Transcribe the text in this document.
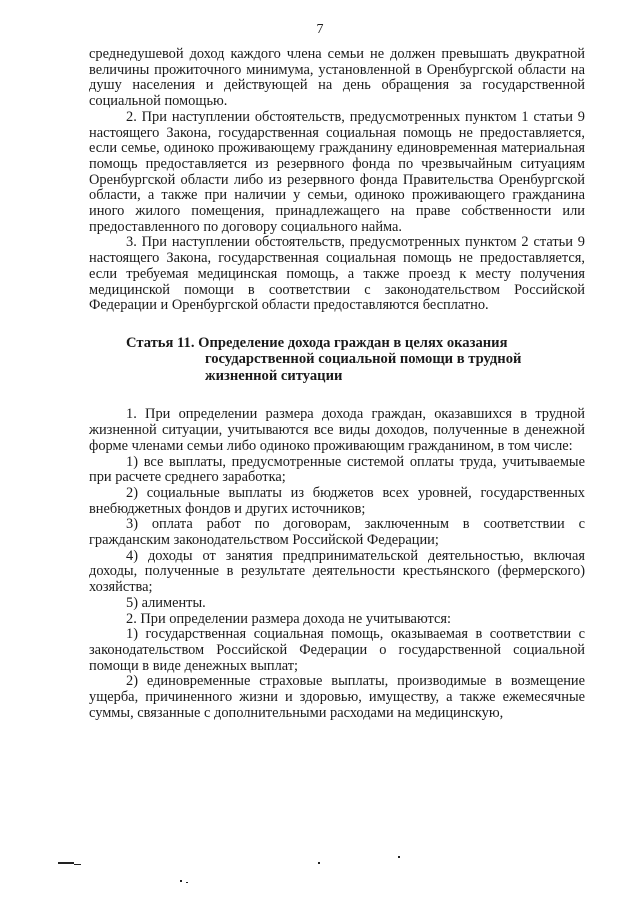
7

среднедушевой доход каждого члена семьи не должен превышать двукратной величины прожиточного минимума, установленной в Оренбургской области на душу населения и действующей на день обращения за государственной социальной помощью.

2. При наступлении обстоятельств, предусмотренных пунктом 1 статьи 9 настоящего Закона, государственная социальная помощь не предоставляется, если семье, одиноко проживающему гражданину единовременная материальная помощь предоставляется из резервного фонда по чрезвычайным ситуациям Оренбургской области либо из резервного фонда Правительства Оренбургской области, а также при наличии у семьи, одиноко проживающего гражданина иного жилого помещения, принадлежащего на праве собственности или предоставленного по договору социального найма.

3. При наступлении обстоятельств, предусмотренных пунктом 2 статьи 9 настоящего Закона, государственная социальная помощь не предоставляется, если требуемая медицинская помощь, а также проезд к месту получения медицинской помощи в соответствии с законодательством Российской Федерации и Оренбургской области предоставляются бесплатно.

Статья 11. Определение дохода граждан в целях оказания
государственной социальной помощи в трудной
жизненной ситуации

1. При определении размера дохода граждан, оказавшихся в трудной жизненной ситуации, учитываются все виды доходов, полученные в денежной форме членами семьи либо одиноко проживающим гражданином, в том числе:

1) все выплаты, предусмотренные системой оплаты труда, учитываемые при расчете среднего заработка;

2) социальные выплаты из бюджетов всех уровней, государственных внебюджетных фондов и других источников;

3) оплата работ по договорам, заключенным в соответствии с гражданским законодательством Российской Федерации;

4) доходы от занятия предпринимательской деятельностью, включая доходы, полученные в результате деятельности крестьянского (фермерского) хозяйства;

5) алименты.

2. При определении размера дохода не учитываются:

1) государственная социальная помощь, оказываемая в соответствии с законодательством Российской Федерации о государственной социальной помощи в виде денежных выплат;

2) единовременные страховые выплаты, производимые в возмещение ущерба, причиненного жизни и здоровью, имуществу, а также ежемесячные суммы, связанные с дополнительными расходами на медицинскую,
